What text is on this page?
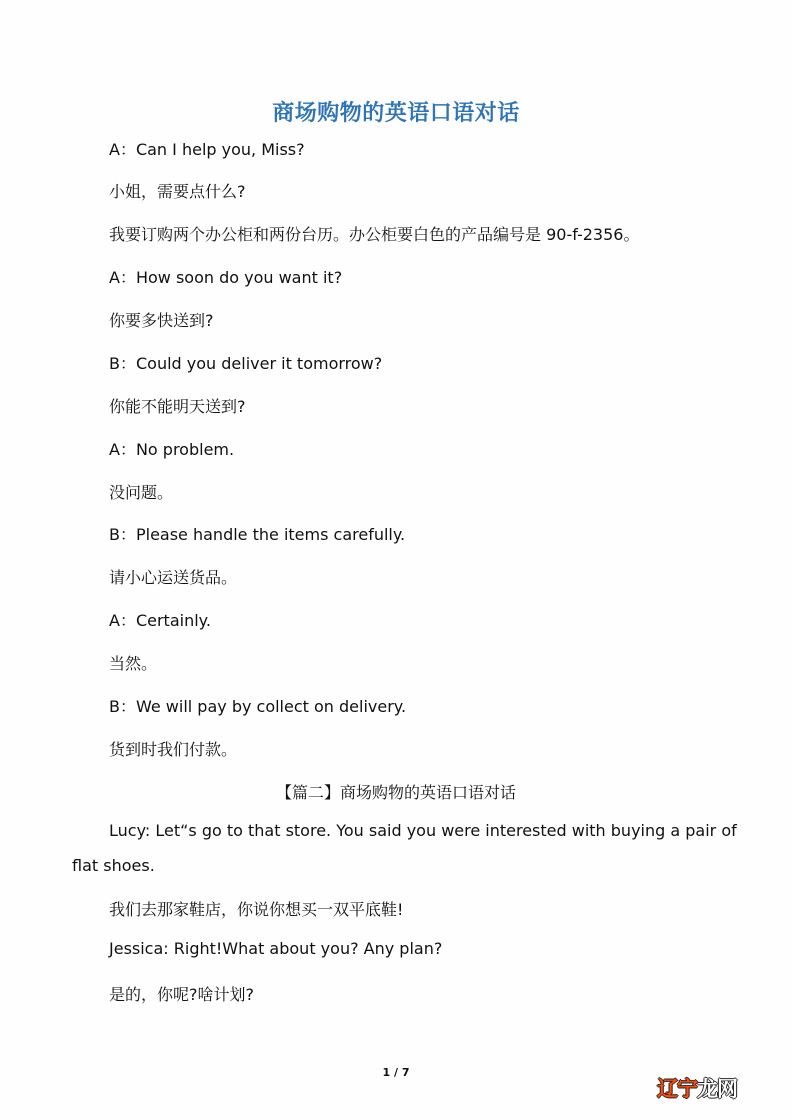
商场购物的英语口语对话
A：Can I help you, Miss?
小姐，需要点什么?
我要订购两个办公柜和两份台历。办公柜要白色的产品编号是 90-f-2356。
A：How soon do you want it?
你要多快送到?
B：Could you deliver it tomorrow?
你能不能明天送到?
A：No problem.
没问题。
B：Please handle the items carefully.
请小心运送货品。
A：Certainly.
当然。
B：We will pay by collect on delivery.
货到时我们付款。
【篇二】商场购物的英语口语对话
Lucy: Let“s go to that store. You said you were interested with buying a pair of
flat shoes.
我们去那家鞋店，你说你想买一双平底鞋!
Jessica: Right!What about you? Any plan?
是的，你呢?啥计划?
1 / 7
辽宁龙网
